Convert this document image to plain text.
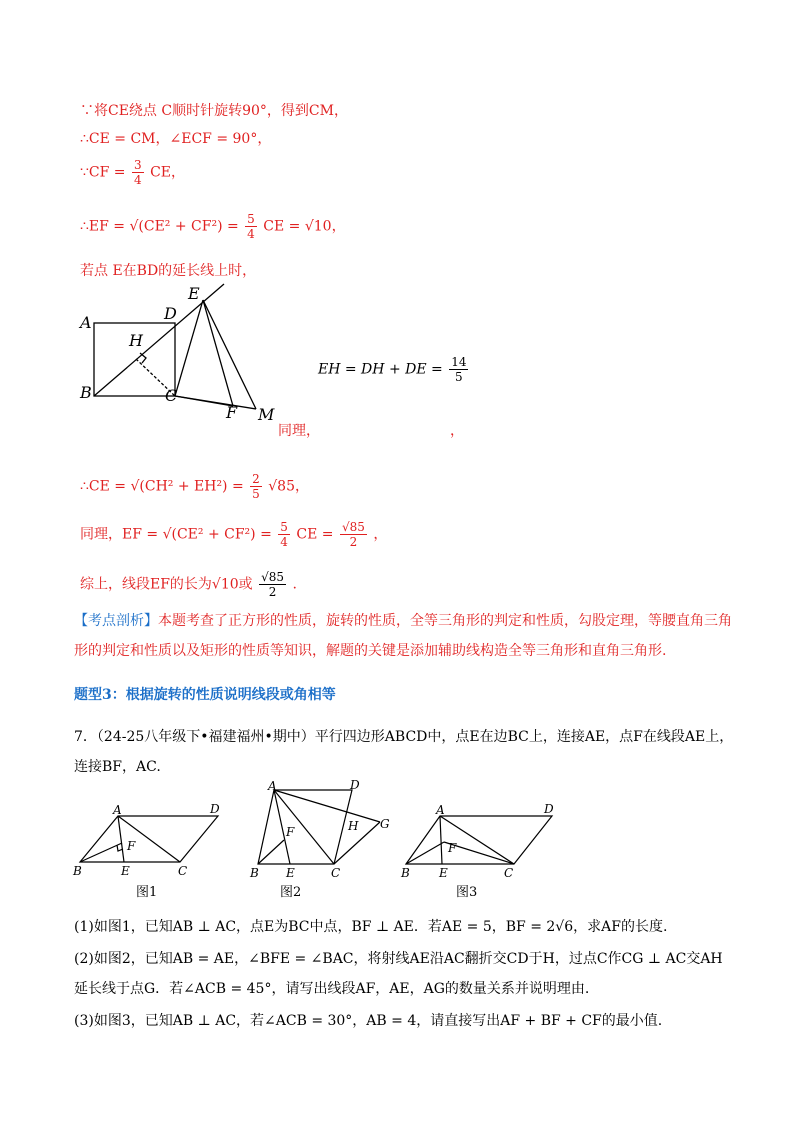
∵将CE绕点 C顺时针旋转90°，得到CM，
∴CE = CM，∠ECF = 90°，
∵CF = $\frac{3}{4}$ CE，
∴EF = $√(CE^2 + CF^2) = \frac{5}{4}$ CE = √10，
若点 E在BD的延长线上时，
A
B	C
D
E
F
H
M
EH = DH + DE = $\frac{14}{5}$
同理，	，
∴CE = $√(CH^2 + EH^2) = \frac{2}{5} √85$，
同理，EF = $√(CE^2 + CF^2) = \frac{5}{4}$ CE = $\frac{√85}{2}$ ，
综上，线段EF的长为√10或 $\frac{√85}{2}$ .
【考点剖析】本题考查了正方形的性质，旋转的性质，全等三角形的判定和性质，勾股定理，等腰直角三角形的判定和性质以及矩形的性质等知识，解题的关键是添加辅助线构造全等三角形和直角三角形.
题型3：根据旋转的性质说明线段或角相等
7．（24-25八年级下•福建福州•期中）平行四边形ABCD中，点E在边BC上，连接AE，点F在线段AE上，连接BF，AC.
A	D
B	E	C
F
图1
A	D
B E	C
F	H G
图2
A	D
B E	C
F
图3
(1)如图1，已知AB ⊥ AC，点E为BC中点，BF ⊥ AE．若AE = 5，BF = 2√6，求AF的长度.
(2)如图2，已知AB = AE，∠BFE = ∠BAC，将射线AE沿AC翻折交CD于H，过点C作CG ⊥ AC交AH延长线于点G．若∠ACB = 45°，请写出线段AF，AE，AG的数量关系并说明理由.
(3)如图3，已知AB ⊥ AC，若∠ACB = 30°，AB = 4，请直接写出AF + BF + CF的最小值.
